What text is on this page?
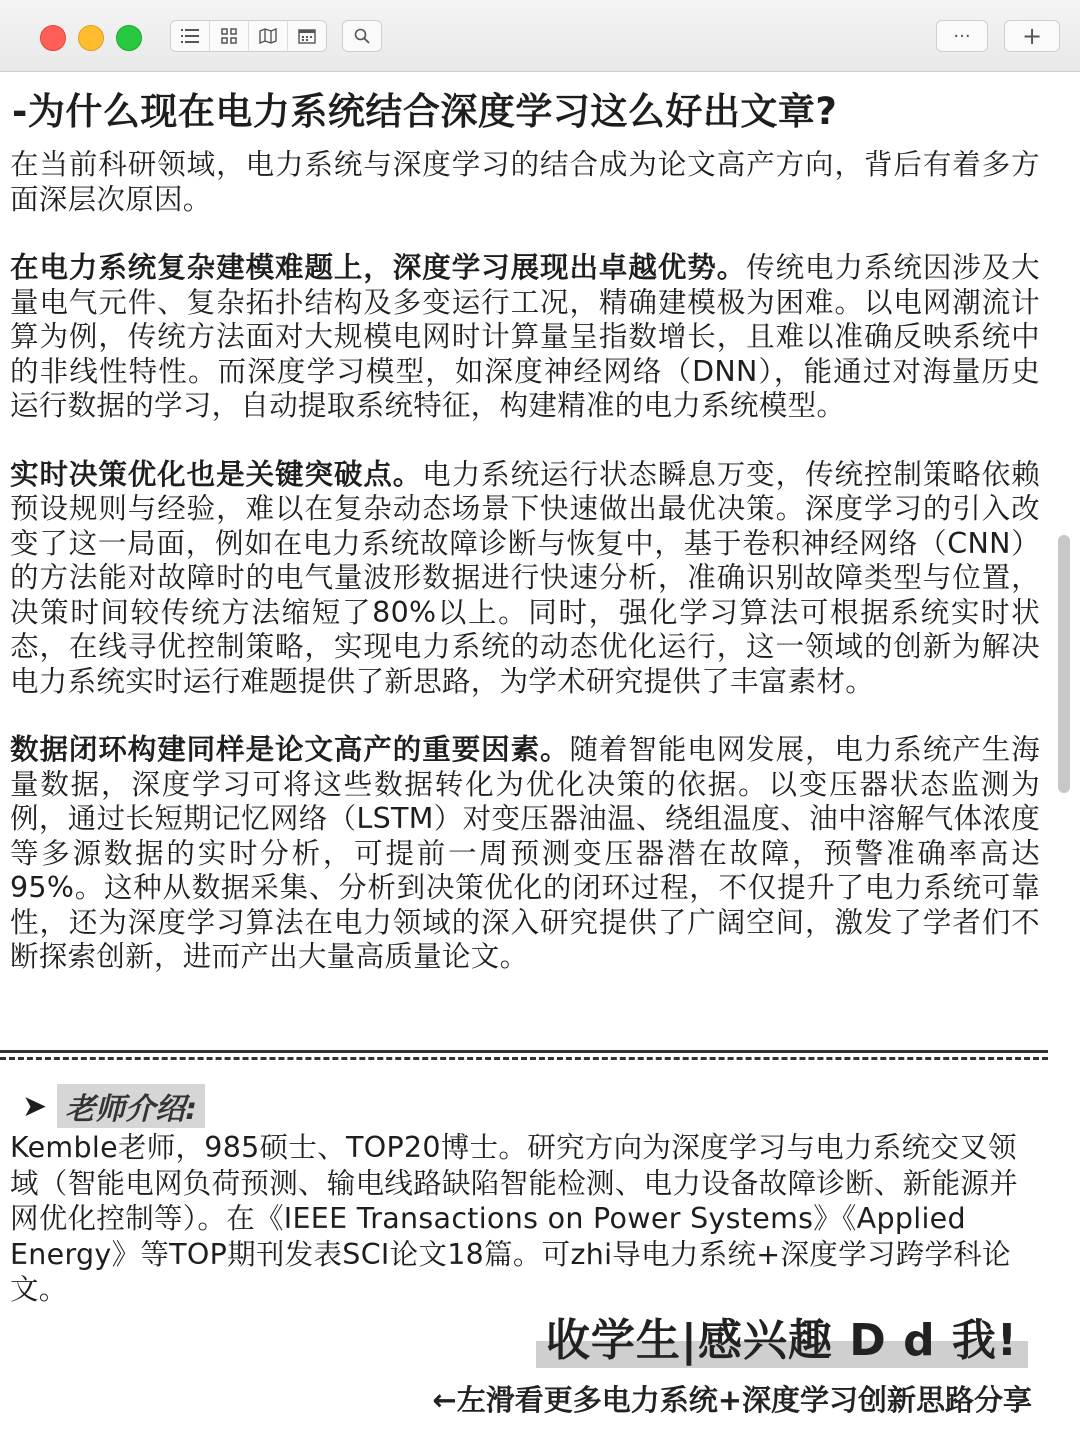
··· +
-为什么现在电力系统结合深度学习这么好出文章?

在当前科研领域，电力系统与深度学习的结合成为论文高产方向，背后有着多方面深层次原因。

在电力系统复杂建模难题上，深度学习展现出卓越优势。传统电力系统因涉及大量电气元件、复杂拓扑结构及多变运行工况，精确建模极为困难。以电网潮流计算为例，传统方法面对大规模电网时计算量呈指数增长，且难以准确反映系统中的非线性特性。而深度学习模型，如深度神经网络（DNN），能通过对海量历史运行数据的学习，自动提取系统特征，构建精准的电力系统模型。

实时决策优化也是关键突破点。电力系统运行状态瞬息万变，传统控制策略依赖预设规则与经验，难以在复杂动态场景下快速做出最优决策。深度学习的引入改变了这一局面，例如在电力系统故障诊断与恢复中，基于卷积神经网络（CNN）的方法能对故障时的电气量波形数据进行快速分析，准确识别故障类型与位置，决策时间较传统方法缩短了80%以上。同时，强化学习算法可根据系统实时状态，在线寻优控制策略，实现电力系统的动态优化运行，这一领域的创新为解决电力系统实时运行难题提供了新思路，为学术研究提供了丰富素材。

数据闭环构建同样是论文高产的重要因素。随着智能电网发展，电力系统产生海量数据，深度学习可将这些数据转化为优化决策的依据。以变压器状态监测为例，通过长短期记忆网络（LSTM）对变压器油温、绕组温度、油中溶解气体浓度等多源数据的实时分析，可提前一周预测变压器潜在故障，预警准确率高达95%。这种从数据采集、分析到决策优化的闭环过程，不仅提升了电力系统可靠性，还为深度学习算法在电力领域的深入研究提供了广阔空间，激发了学者们不断探索创新，进而产出大量高质量论文。

➤ 老师介绍:

Kemble老师，985硕士、TOP20博士。研究方向为深度学习与电力系统交叉领域（智能电网负荷预测、输电线路缺陷智能检测、电力设备故障诊断、新能源并网优化控制等）。在《IEEE Transactions on Power Systems》《Applied Energy》等TOP期刊发表SCI论文18篇。可zhi导电力系统+深度学习跨学科论文。

收学生|感兴趣 D d 我!
←左滑看更多电力系统+深度学习创新思路分享
